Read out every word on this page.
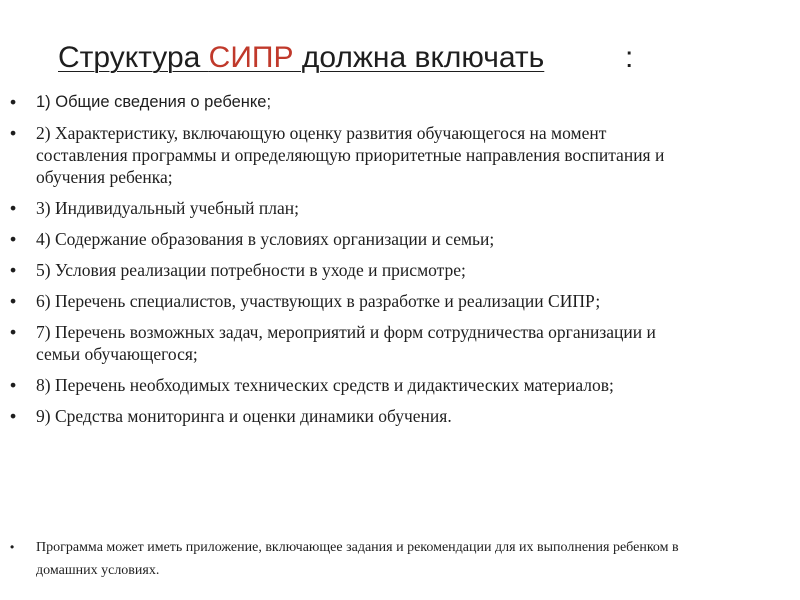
Структура СИПР должна включать	:
• 1) Общие сведения о ребенке;
• 2) Характеристику, включающую оценку развития обучающегося на момент составления программы и определяющую приоритетные направления воспитания и обучения ребенка;
• 3) Индивидуальный учебный план;
• 4) Содержание образования в условиях организации и семьи;
• 5) Условия реализации потребности в уходе и присмотре;
• 6) Перечень специалистов, участвующих в разработке и реализации СИПР;
• 7) Перечень возможных задач, мероприятий и форм сотрудничества организации и семьи обучающегося;
• 8) Перечень необходимых технических средств и дидактических материалов;
• 9) Средства мониторинга и оценки динамики обучения.
• Программа может иметь приложение, включающее задания и рекомендации для их выполнения ребенком в домашних условиях.
